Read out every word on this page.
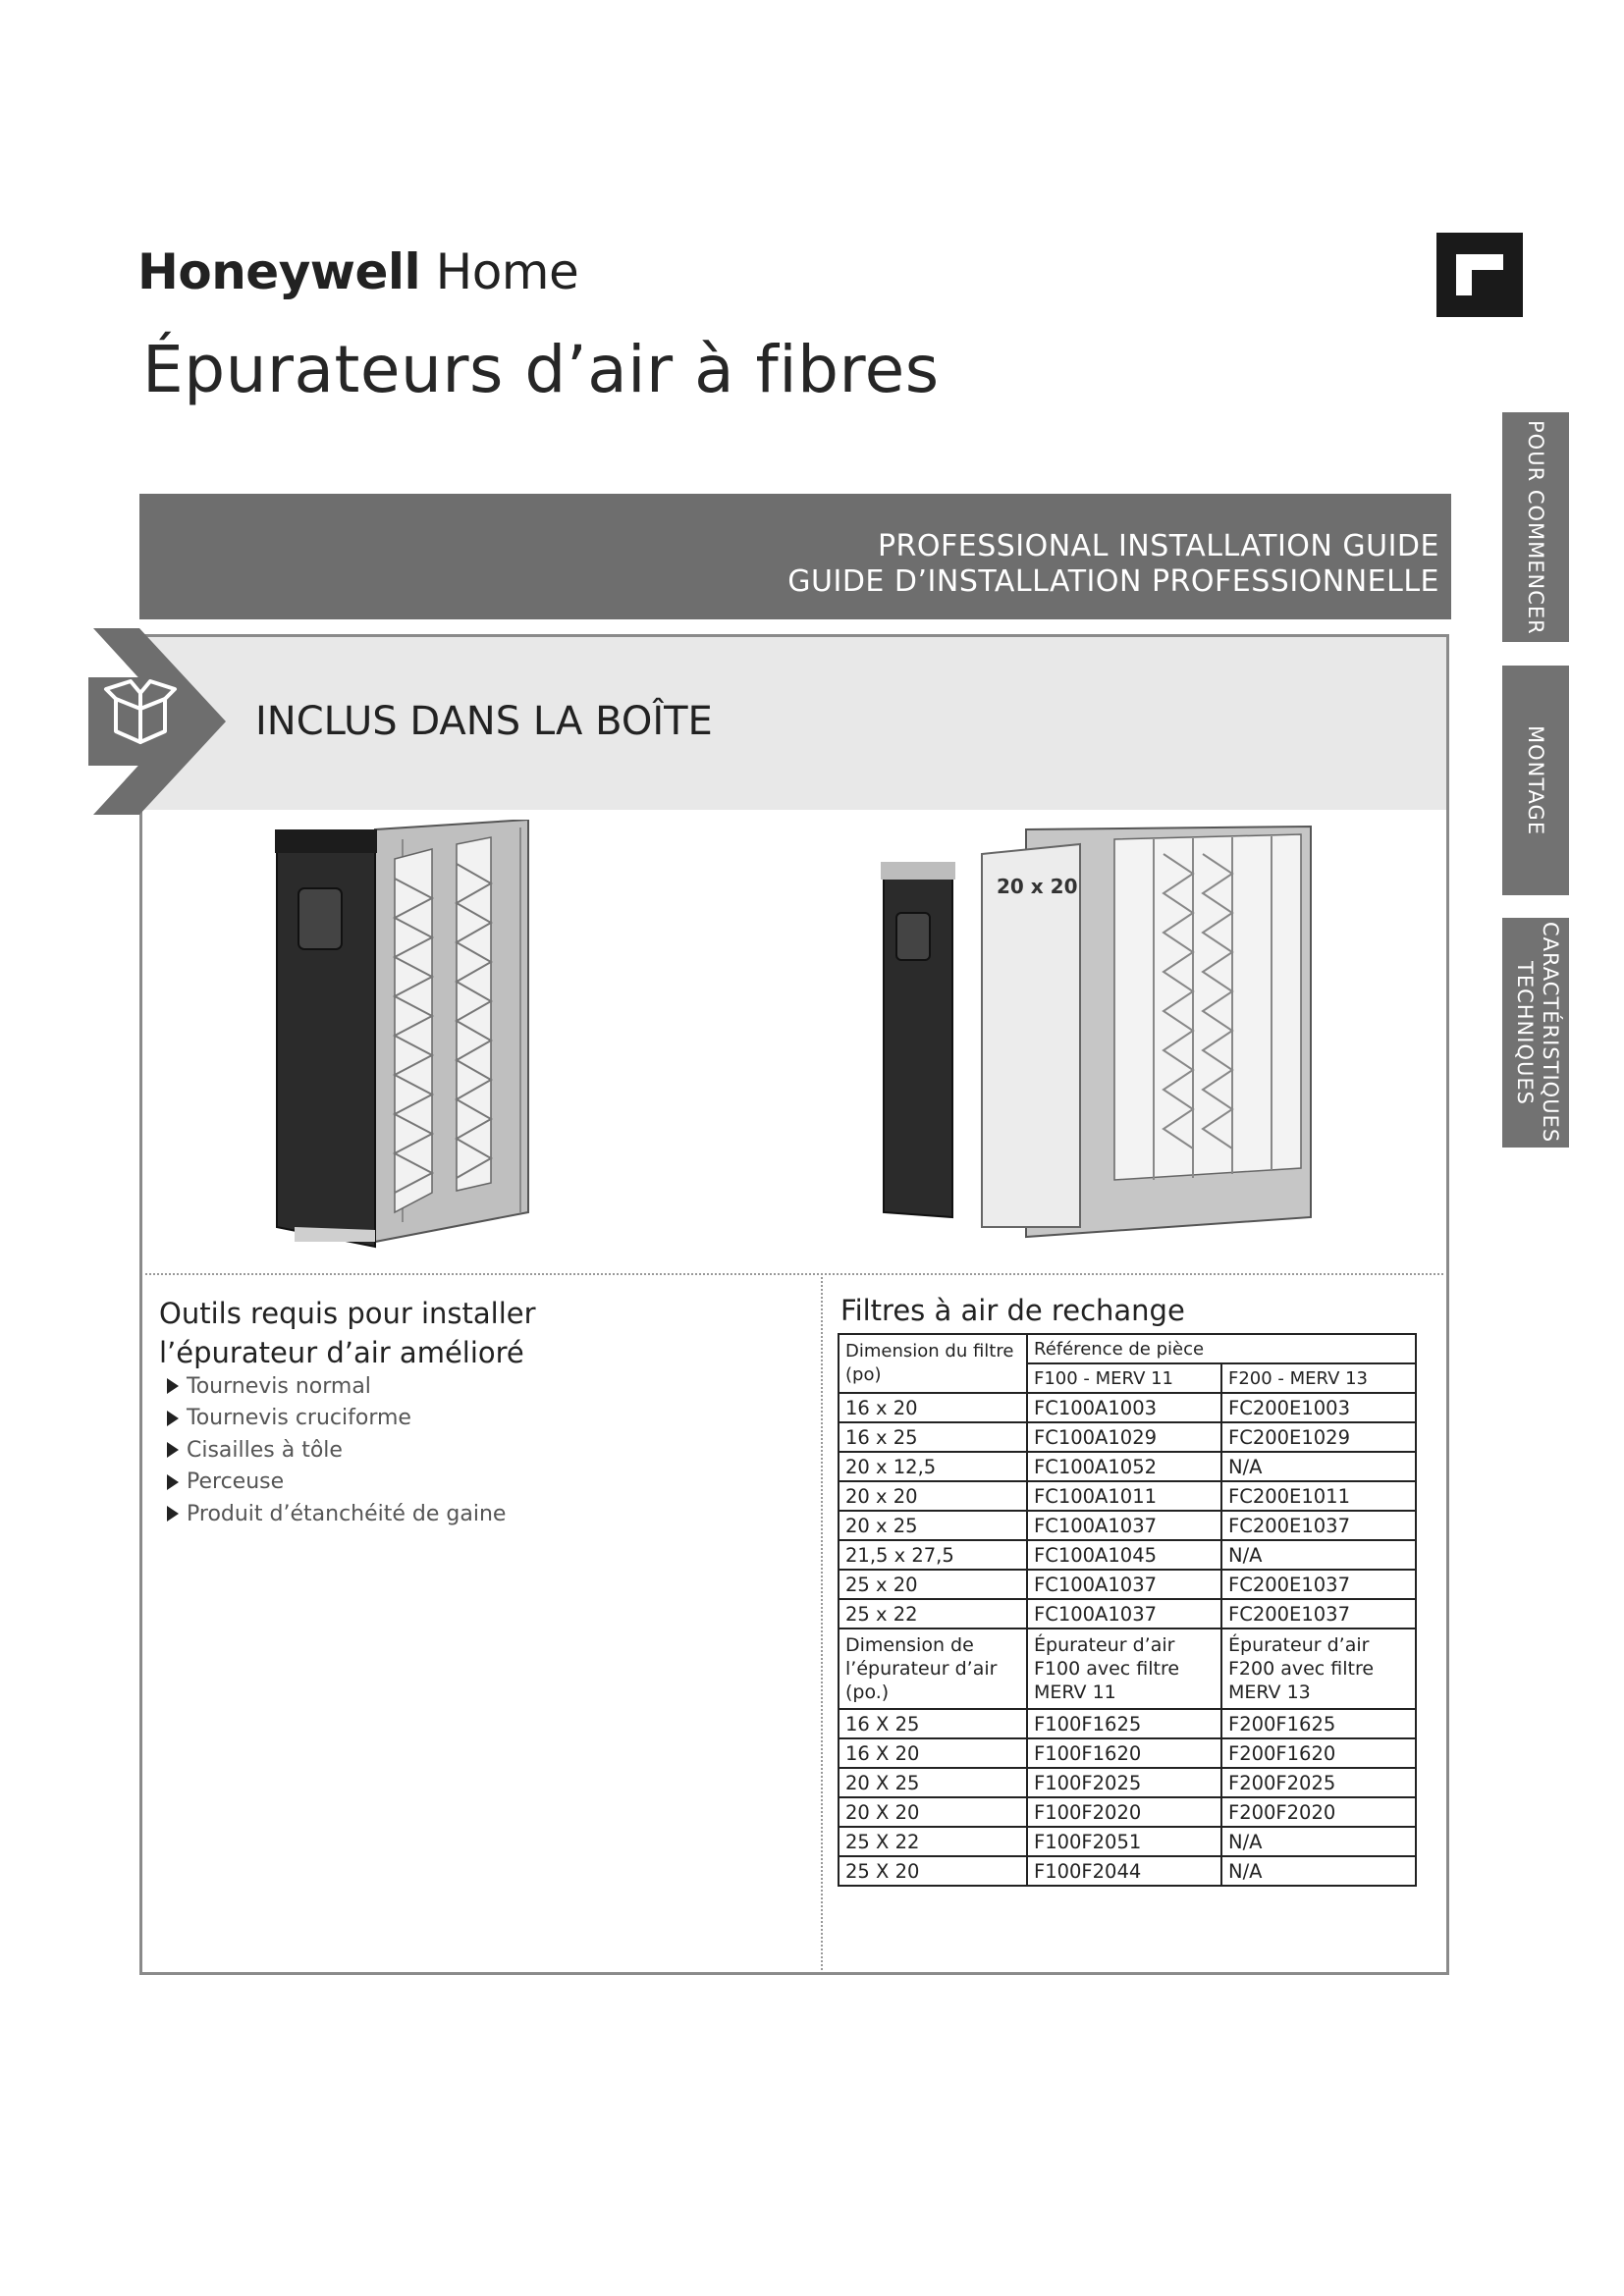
Honeywell Home
Épurateurs d’air à fibres
PROFESSIONAL INSTALLATION GUIDE
GUIDE D’INSTALLATION PROFESSIONNELLE	POUR COMMENCER
MONTAGE
CARACTÉRISTIQUES TECHNIQUES
INCLUS DANS LA BOÎTE
20 x 20
Outils requis pour installer
l’épurateur d’air amélioré
Tournevis normal
Tournevis cruciforme
Cisailles à tôle
Perceuse
Produit d’étanchéité de gaine
Filtres à air de rechange
Dimension du filtre (po)	Référence de pièce	
	F100 - MERV 11	F200 - MERV 13
16 x 20	FC100A1003	FC200E1003
16 x 25	FC100A1029	FC200E1029
20 x 12,5	FC100A1052	N/A
20 x 20	FC100A1011	FC200E1011
20 x 25	FC100A1037	FC200E1037
21,5 x 27,5	FC100A1045	N/A
25 x 20	FC100A1037	FC200E1037
25 x 22	FC100A1037	FC200E1037
Dimension de l’épurateur d’air (po.)	Épurateur d’air F100 avec filtre MERV 11	Épurateur d’air F200 avec filtre MERV 13
16 X 25	F100F1625	F200F1625
16 X 20	F100F1620	F200F1620
20 X 25	F100F2025	F200F2025
20 X 20	F100F2020	F200F2020
25 X 22	F100F2051	N/A
25 X 20	F100F2044	N/A
